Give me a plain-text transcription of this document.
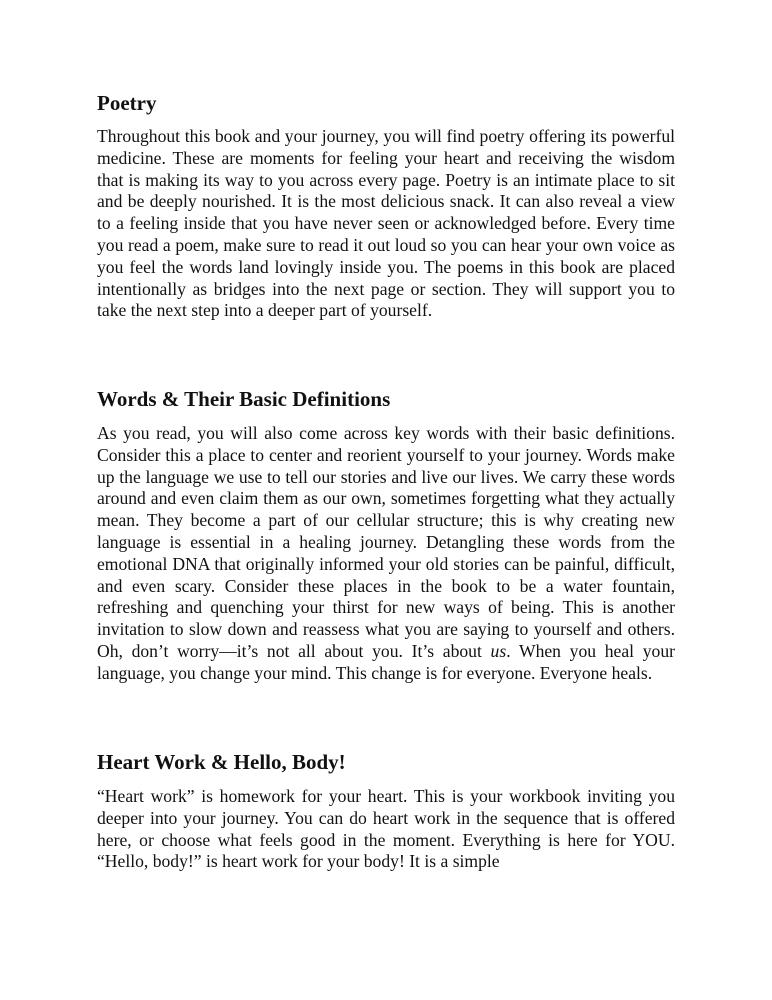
Poetry

Throughout this book and your journey, you will find poetry offering its powerful medicine. These are moments for feeling your heart and receiving the wisdom that is making its way to you across every page. Poetry is an intimate place to sit and be deeply nourished. It is the most delicious snack. It can also reveal a view to a feeling inside that you have never seen or acknowledged before. Every time you read a poem, make sure to read it out loud so you can hear your own voice as you feel the words land lovingly inside you. The poems in this book are placed intentionally as bridges into the next page or section. They will support you to take the next step into a deeper part of yourself.

Words & Their Basic Definitions

As you read, you will also come across key words with their basic definitions. Consider this a place to center and reorient yourself to your journey. Words make up the language we use to tell our stories and live our lives. We carry these words around and even claim them as our own, sometimes forgetting what they actually mean. They become a part of our cellular structure; this is why creating new language is essential in a healing journey. Detangling these words from the emotional DNA that originally informed your old stories can be painful, difficult, and even scary. Consider these places in the book to be a water fountain, refreshing and quenching your thirst for new ways of being. This is another invitation to slow down and reassess what you are saying to yourself and others. Oh, don’t worry—it’s not all about you. It’s about us. When you heal your language, you change your mind. This change is for everyone. Everyone heals.

Heart Work & Hello, Body!

“Heart work” is homework for your heart. This is your workbook inviting you deeper into your journey. You can do heart work in the sequence that is offered here, or choose what feels good in the moment. Everything is here for YOU. “Hello, body!” is heart work for your body! It is a simple
